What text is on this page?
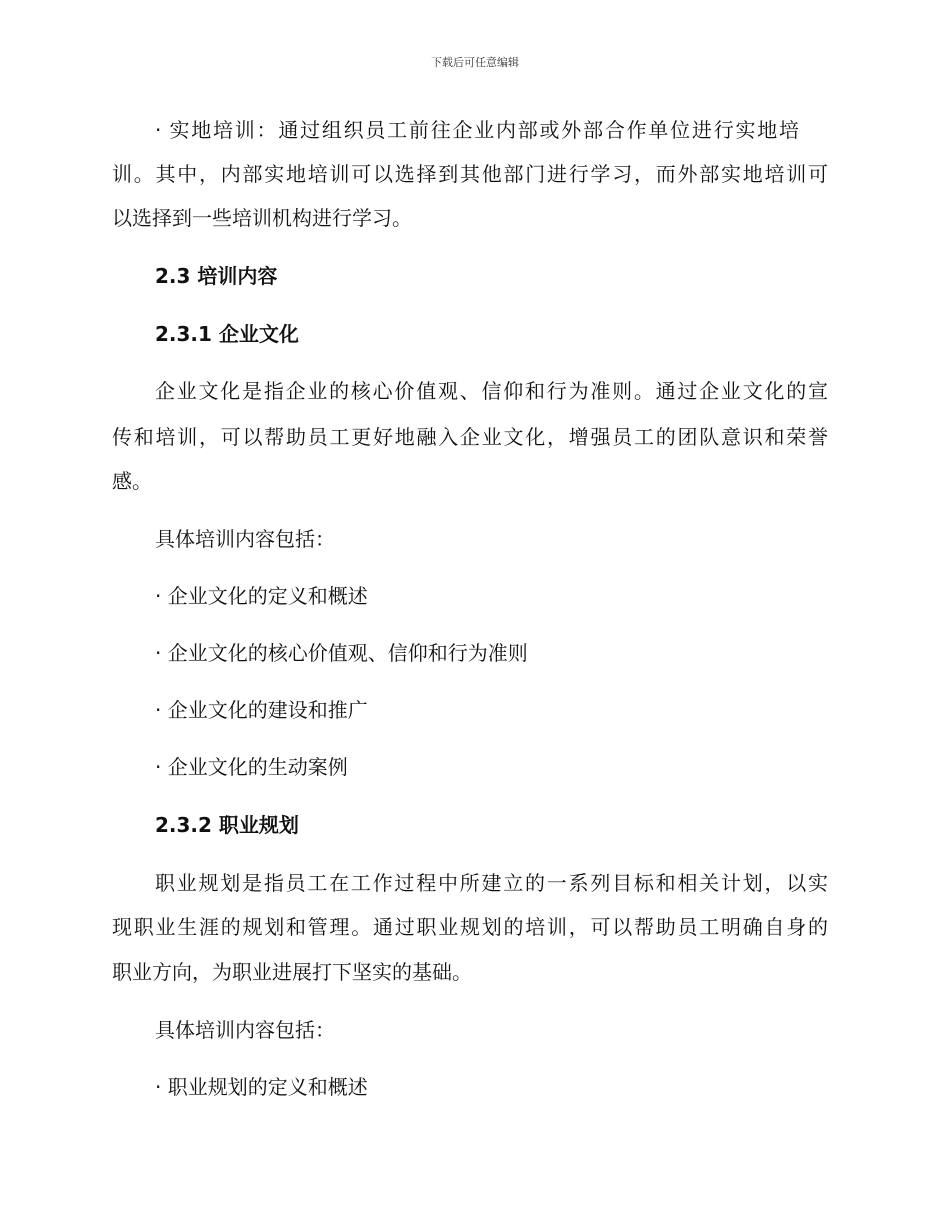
下载后可任意编辑
· 实地培训：通过组织员工前往企业内部或外部合作单位进行实地培
训。其中，内部实地培训可以选择到其他部门进行学习，而外部实地培训可
以选择到一些培训机构进行学习。
2.3 培训内容
2.3.1 企业文化
企业文化是指企业的核心价值观、信仰和行为准则。通过企业文化的宣
传和培训，可以帮助员工更好地融入企业文化，增强员工的团队意识和荣誉
感。
具体培训内容包括：
· 企业文化的定义和概述
· 企业文化的核心价值观、信仰和行为准则
· 企业文化的建设和推广
· 企业文化的生动案例
2.3.2 职业规划
职业规划是指员工在工作过程中所建立的一系列目标和相关计划，以实
现职业生涯的规划和管理。通过职业规划的培训，可以帮助员工明确自身的
职业方向，为职业进展打下坚实的基础。
具体培训内容包括：
· 职业规划的定义和概述
